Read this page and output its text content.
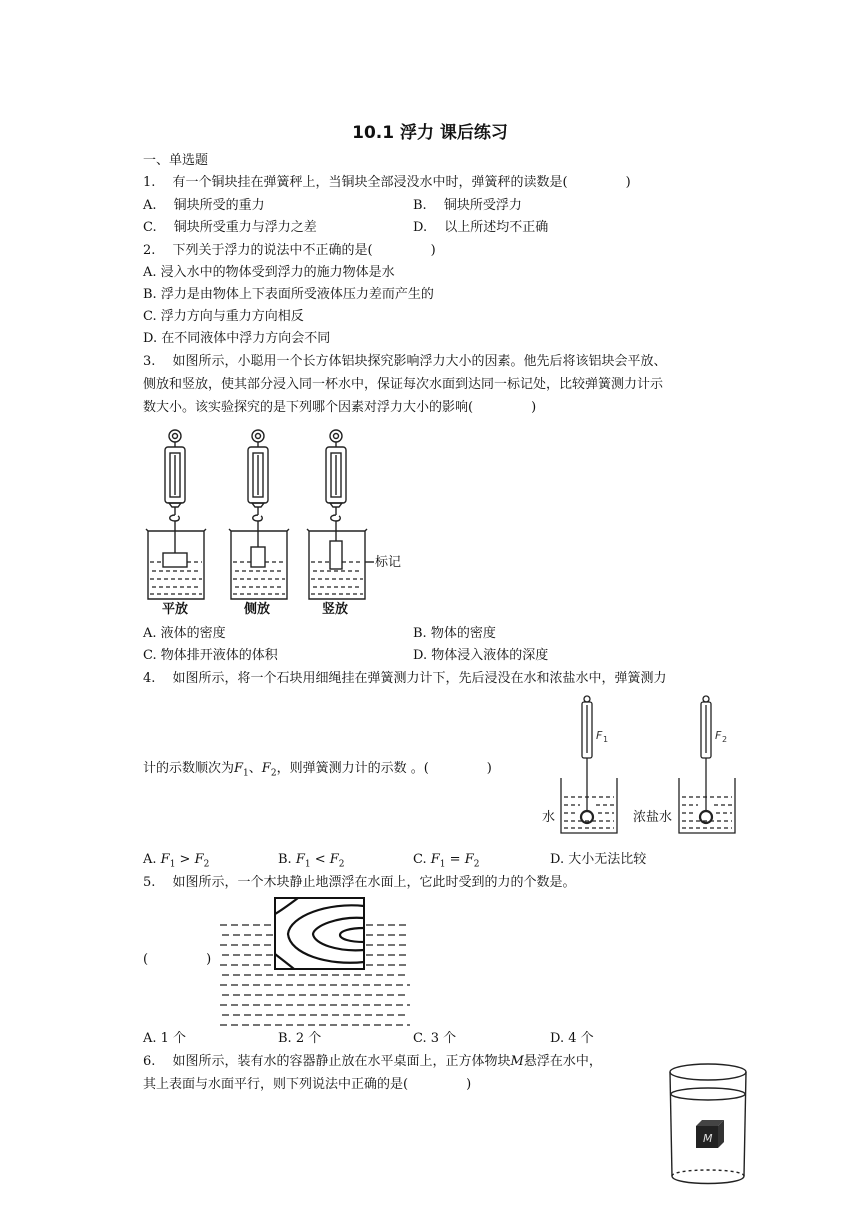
10.1 浮力 课后练习
一、单选题
1.　 有一个铜块挂在弹簧秤上，当铜块全部浸没水中时，弹簧秤的读数是(	)
A.　 铜块所受的重力	B.　 铜块所受浮力
C.　 铜块所受重力与浮力之差	D.　 以上所述均不正确
2.　 下列关于浮力的说法中不正确的是(	)
A. 浸入水中的物体受到浮力的施力物体是水
B. 浮力是由物体上下表面所受液体压力差而产生的
C. 浮力方向与重力方向相反
D. 在不同液体中浮力方向会不同
3.　 如图所示，小聪用一个长方体铝块探究影响浮力大小的因素。他先后将该铝块会平放、
侧放和竖放，使其部分浸入同一杯水中，保证每次水面到达同一标记处，比较弹簧测力计示
数大小。该实验探究的是下列哪个因素对浮力大小的影响(	)
标记
平放	侧放	竖放
A. 液体的密度	B. 物体的密度
C. 物体排开液体的体积	D. 物体浸入液体的深度
4.　 如图所示，将一个石块用细绳挂在弹簧测力计下，先后浸没在水和浓盐水中，弹簧测力
计的示数顺次为$F_1$、$F_2$，则弹簧测力计的示数 。(	)
F 1	F 2
水	浓盐水
A. $F_1 > F_2$	B. $F_1 < F_2$	C. $F_1 = F_2$	D. 大小无法比较
5.　 如图所示，一个木块静止地漂浮在水面上，它此时受到的力的个数是。
(	)
A. 1 个	B. 2 个	C. 3 个	D. 4 个
6.　 如图所示，装有水的容器静止放在水平桌面上，正方体物块M悬浮在水中，
其上表面与水面平行，则下列说法中正确的是(	)
M
